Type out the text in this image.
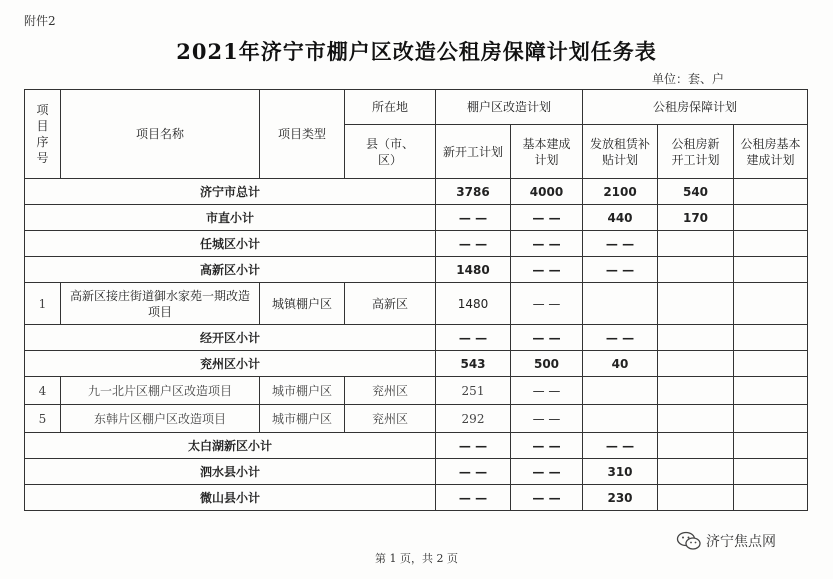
附件2
2021年济宁市棚户区改造公租房保障计划任务表
单位：套、户
项目序号	项目名称	项目类型	所在地	棚户区改造计划		公租房保障计划		
			县（市、区）	新开工计划	基本建成计划	发放租赁补贴计划	公租房新开工计划	公租房基本建成计划
济宁市总计				3786	4000	2100	540	
市直小计				— —	— —	440	170	
任城区小计				— —	— —	— —		
高新区小计				1480	— —	— —		
1	高新区接庄街道御水家苑一期改造项目	城镇棚户区	高新区	1480	— —			
经开区小计				— —	— —	— —		
兖州区小计				543	500	40		
4	九一北片区棚户区改造项目	城市棚户区	兖州区	251	— —			
5	东韩片区棚户区改造项目	城市棚户区	兖州区	292	— —			
太白湖新区小计				— —	— —	— —		
泗水县小计				— —	— —	310		
微山县小计				— —	— —	230		
第 1 页，共 2 页
济宁焦点网
